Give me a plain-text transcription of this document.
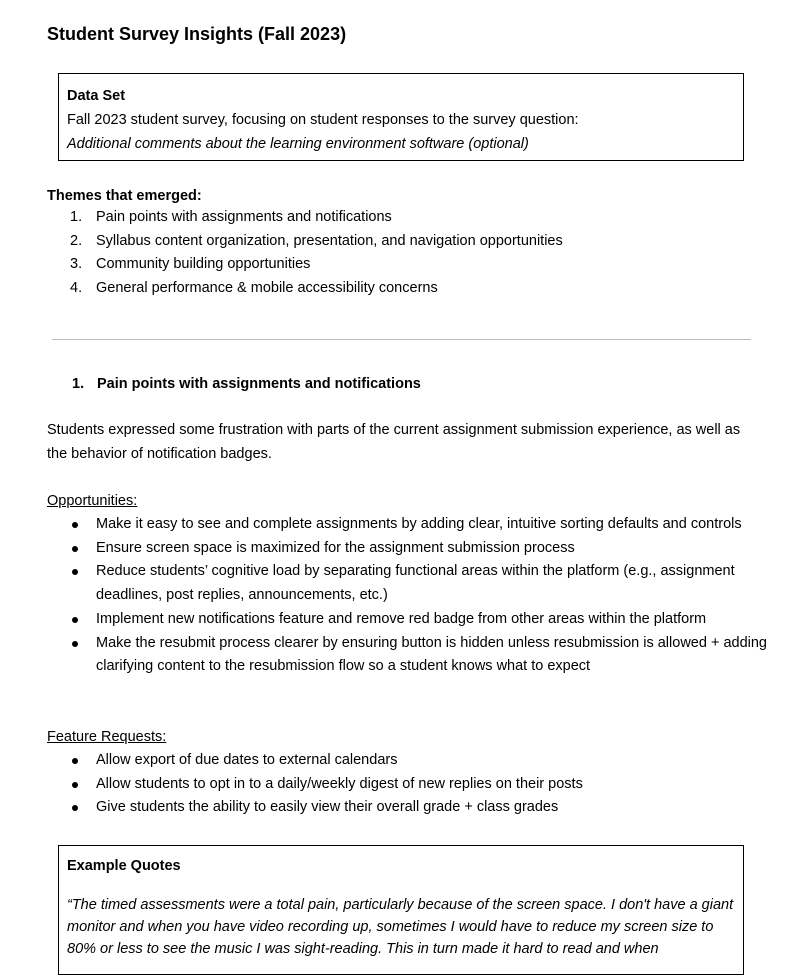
Student Survey Insights (Fall 2023)
Data Set
Fall 2023 student survey, focusing on student responses to the survey question:
Additional comments about the learning environment software (optional)
Themes that emerged:
1. Pain points with assignments and notifications
2. Syllabus content organization, presentation, and navigation opportunities
3. Community building opportunities
4. General performance & mobile accessibility concerns
1. Pain points with assignments and notifications
Students expressed some frustration with parts of the current assignment submission experience, as well as the behavior of notification badges.
Opportunities:
Make it easy to see and complete assignments by adding clear, intuitive sorting defaults and controls
Ensure screen space is maximized for the assignment submission process
Reduce students’ cognitive load by separating functional areas within the platform (e.g., assignment deadlines, post replies, announcements, etc.)
Implement new notifications feature and remove red badge from other areas within the platform
Make the resubmit process clearer by ensuring button is hidden unless resubmission is allowed + adding clarifying content to the resubmission flow so a student knows what to expect
Feature Requests:
Allow export of due dates to external calendars
Allow students to opt in to a daily/weekly digest of new replies on their posts
Give students the ability to easily view their overall grade + class grades
Example Quotes
“The timed assessments were a total pain, particularly because of the screen space. I don't have a giant monitor and when you have video recording up, sometimes I would have to reduce my screen size to 80% or less to see the music I was sight-reading. This in turn made it hard to read and when
